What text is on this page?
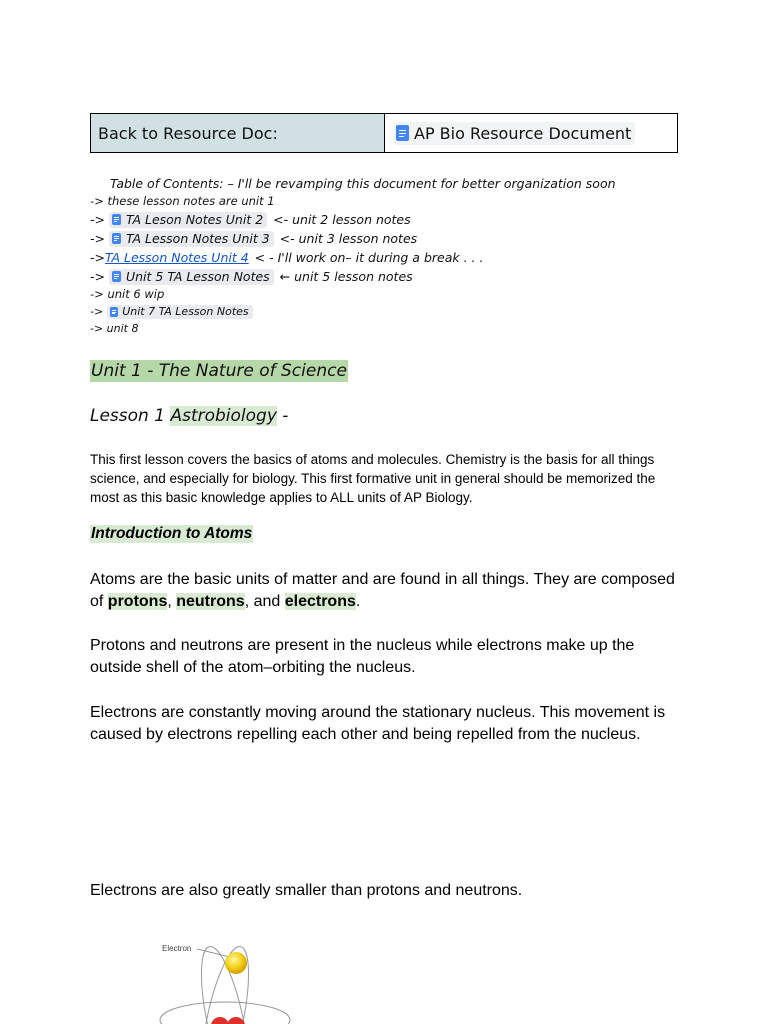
Back to Resource Doc:	AP Bio Resource Document
Table of Contents: – I'll be revamping this document for better organization soon
-> these lesson notes are unit 1
-> TA Leson Notes Unit 2 <- unit 2 lesson notes
-> TA Lesson Notes Unit 3 <- unit 3 lesson notes
-> TA Lesson Notes Unit 4 < - I'll work on– it during a break . . .
-> Unit 5 TA Lesson Notes ← unit 5 lesson notes
-> unit 6 wip
-> Unit 7 TA Lesson Notes
-> unit 8
Unit 1 - The Nature of Science
Lesson 1 Astrobiology -
This first lesson covers the basics of atoms and molecules. Chemistry is the basis for all things science, and especially for biology. This first formative unit in general should be memorized the most as this basic knowledge applies to ALL units of AP Biology.
Introduction to Atoms
Atoms are the basic units of matter and are found in all things. They are composed of protons, neutrons, and electrons.
Protons and neutrons are present in the nucleus while electrons make up the outside shell of the atom–orbiting the nucleus.
Electrons are constantly moving around the stationary nucleus. This movement is caused by electrons repelling each other and being repelled from the nucleus.
Electrons are also greatly smaller than protons and neutrons.
Electron
